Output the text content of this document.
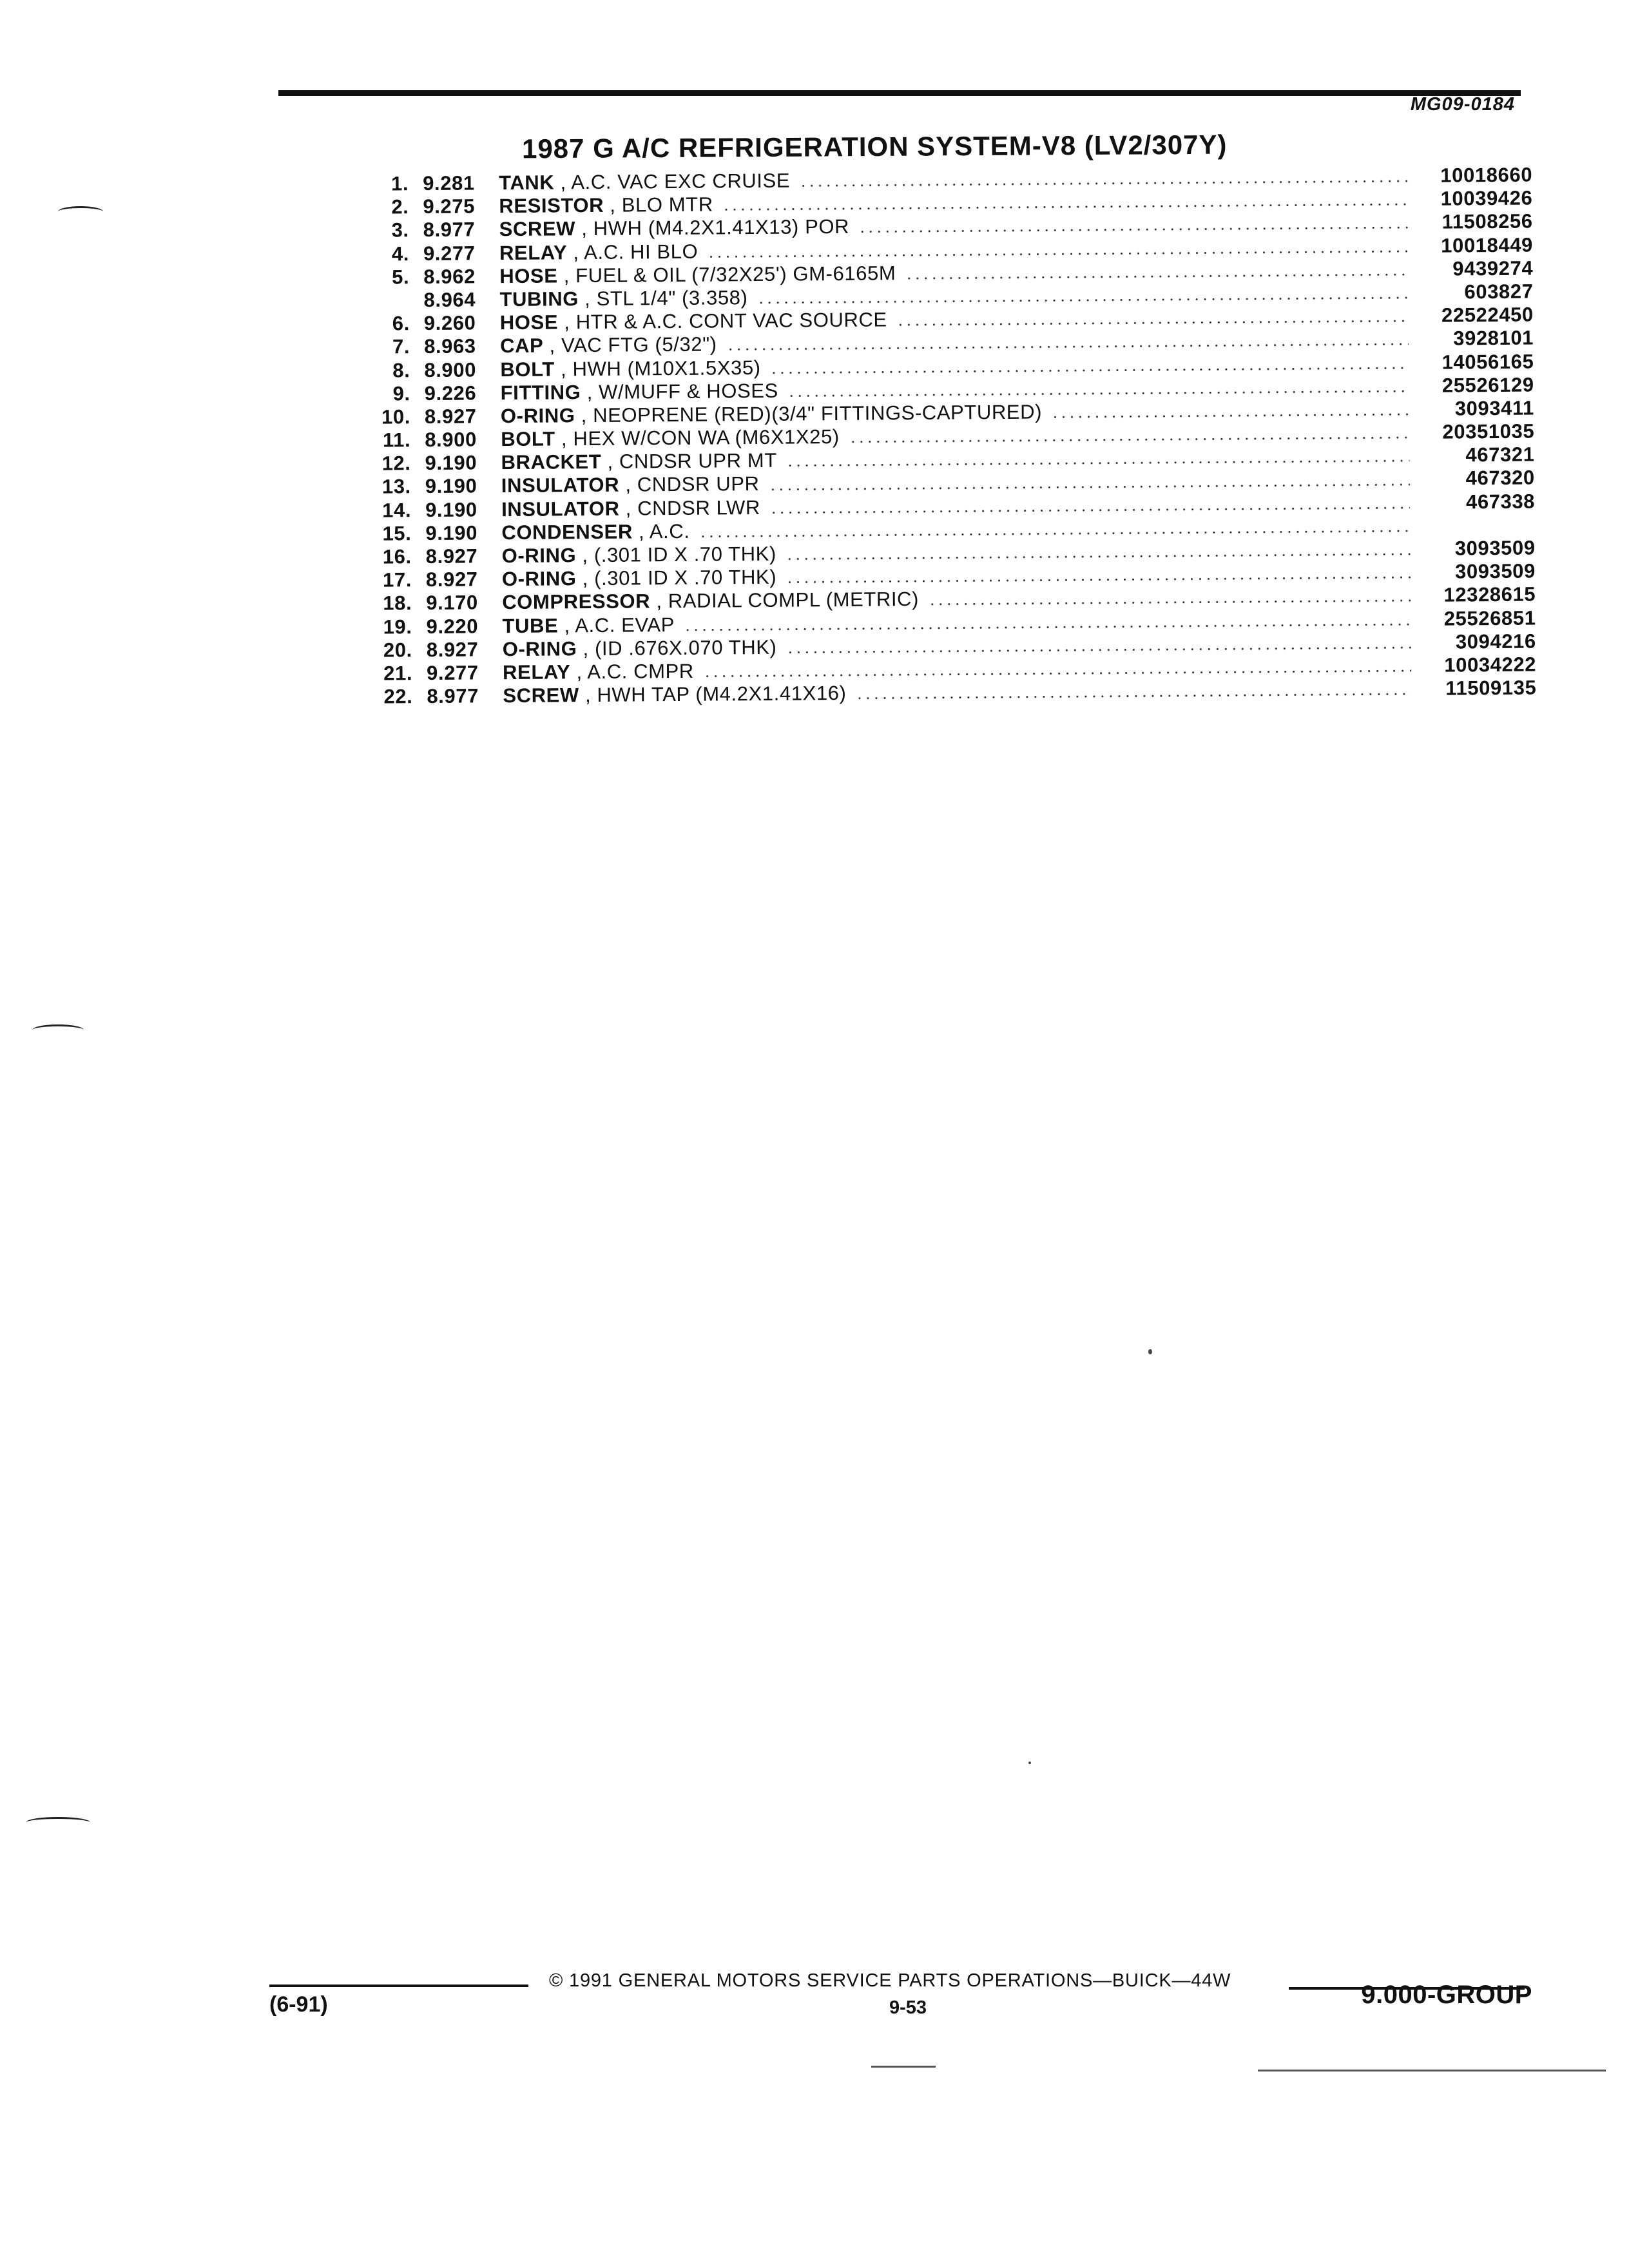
MG09-0184
1987 G A/C REFRIGERATION SYSTEM-V8 (LV2/307Y)
1. 9.281	TANK , A.C. VAC EXC CRUISE	10018660
2. 9.275	RESISTOR , BLO MTR	10039426
3. 8.977	SCREW , HWH (M4.2X1.41X13) POR	11508256
4. 9.277	RELAY , A.C. HI BLO	10018449
5. 8.962	HOSE , FUEL & OIL (7/32X25') GM-6165M	9439274
8.964	TUBING , STL 1/4" (3.358)	603827
6. 9.260	HOSE , HTR & A.C. CONT VAC SOURCE	22522450
7. 8.963	CAP , VAC FTG (5/32")	3928101
8. 8.900	BOLT , HWH (M10X1.5X35)	14056165
9. 9.226	FITTING , W/MUFF & HOSES	25526129
10. 8.927	O-RING , NEOPRENE (RED)(3/4" FITTINGS-CAPTURED)	3093411
11. 8.900	BOLT , HEX W/CON WA (M6X1X25)	20351035
12. 9.190	BRACKET , CNDSR UPR MT	467321
13. 9.190	INSULATOR , CNDSR UPR	467320
14. 9.190	INSULATOR , CNDSR LWR	467338
15. 9.190	CONDENSER , A.C.
16. 8.927	O-RING , (.301 ID X .70 THK)	3093509
17. 8.927	O-RING , (.301 ID X .70 THK)	3093509
18. 9.170	COMPRESSOR , RADIAL COMPL (METRIC)	12328615
19. 9.220	TUBE , A.C. EVAP	25526851
20. 8.927	O-RING , (ID .676X.070 THK)	3094216
21. 9.277	RELAY , A.C. CMPR	10034222
22. 8.977	SCREW , HWH TAP (M4.2X1.41X16)	11509135
© 1991 GENERAL MOTORS SERVICE PARTS OPERATIONS—BUICK—44W
9-53
(6-91)	9.000-GROUP
